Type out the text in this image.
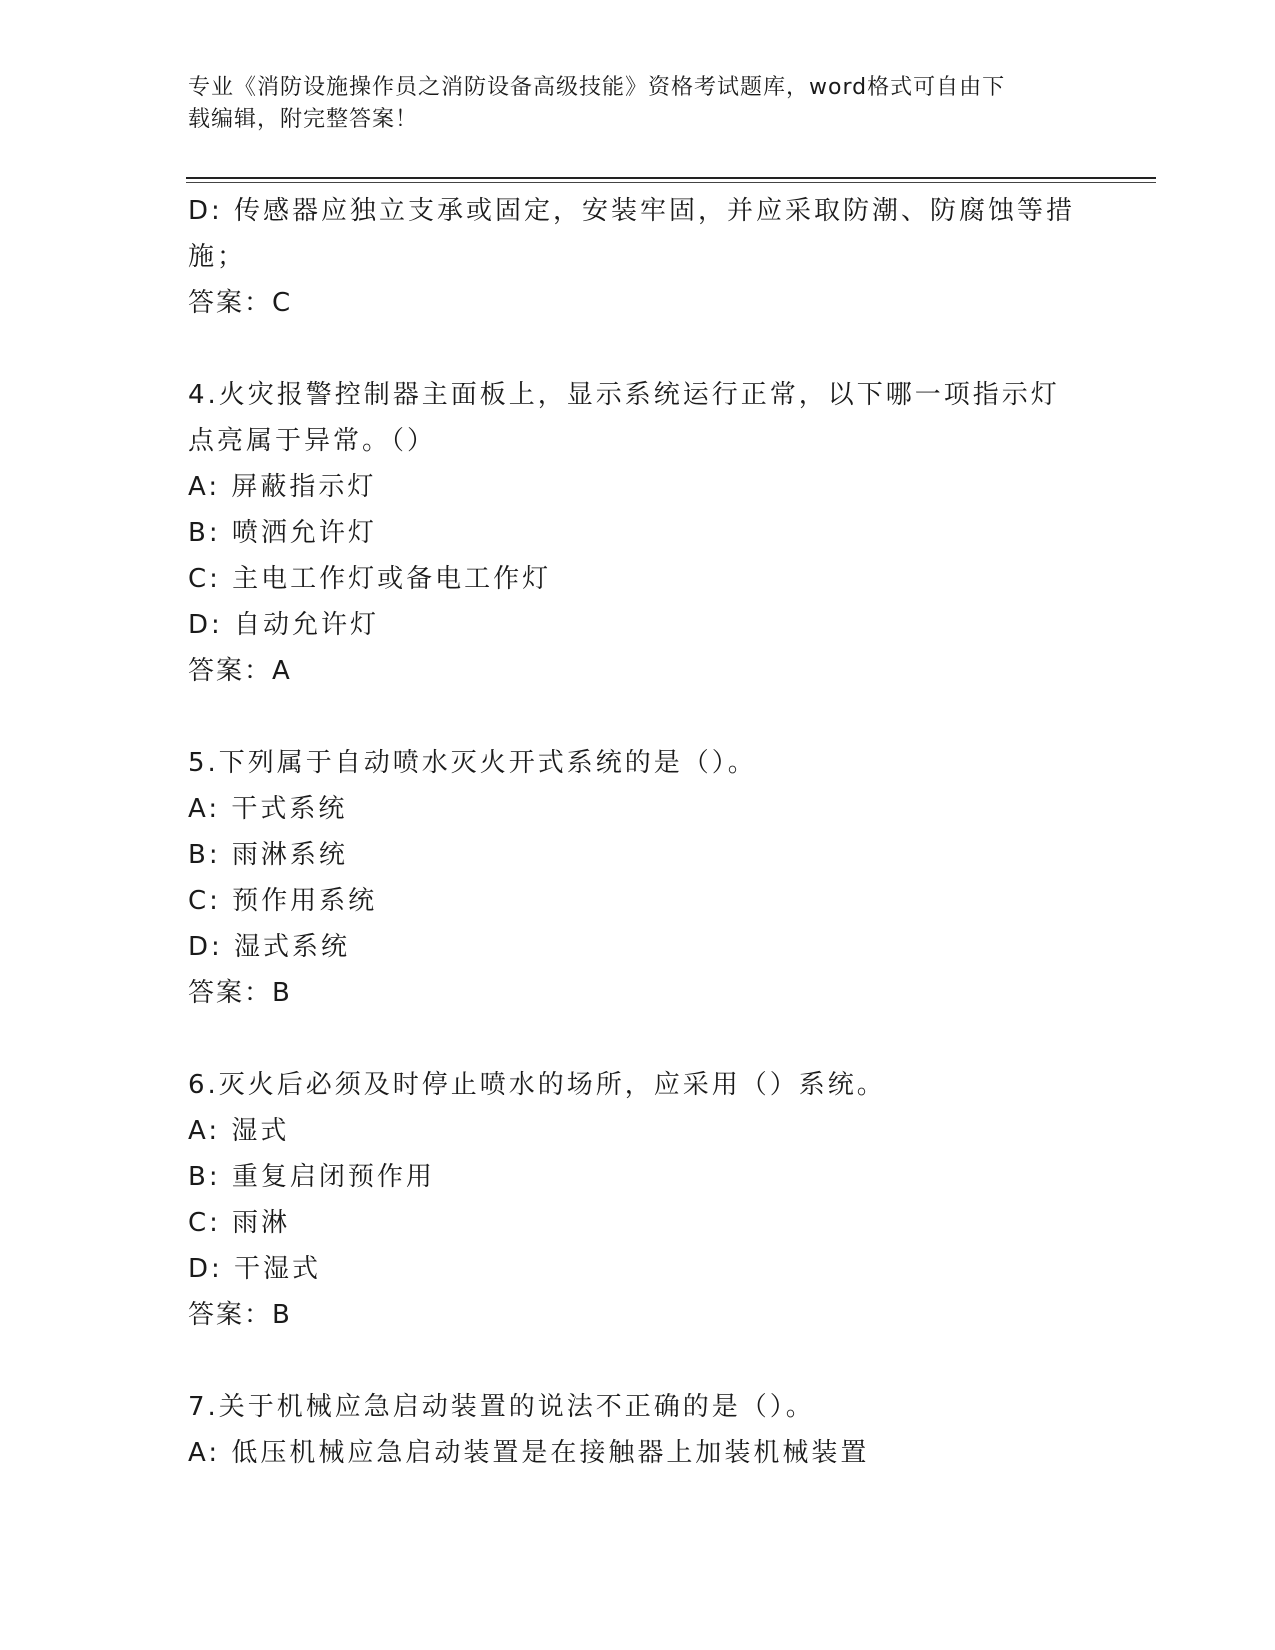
专业《消防设施操作员之消防设备高级技能》资格考试题库，word格式可自由下
载编辑，附完整答案！
D: 传感器应独立支承或固定，安装牢固，并应采取防潮、防腐蚀等措
施；
答案：C
4.火灾报警控制器主面板上，显示系统运行正常，以下哪一项指示灯
点亮属于异常。（）
A: 屏蔽指示灯
B: 喷洒允许灯
C: 主电工作灯或备电工作灯
D: 自动允许灯
答案：A
5.下列属于自动喷水灭火开式系统的是（）。
A: 干式系统
B: 雨淋系统
C: 预作用系统
D: 湿式系统
答案：B
6.灭火后必须及时停止喷水的场所，应采用（）系统。
A: 湿式
B: 重复启闭预作用
C: 雨淋
D: 干湿式
答案：B
7.关于机械应急启动装置的说法不正确的是（）。
A: 低压机械应急启动装置是在接触器上加装机械装置
